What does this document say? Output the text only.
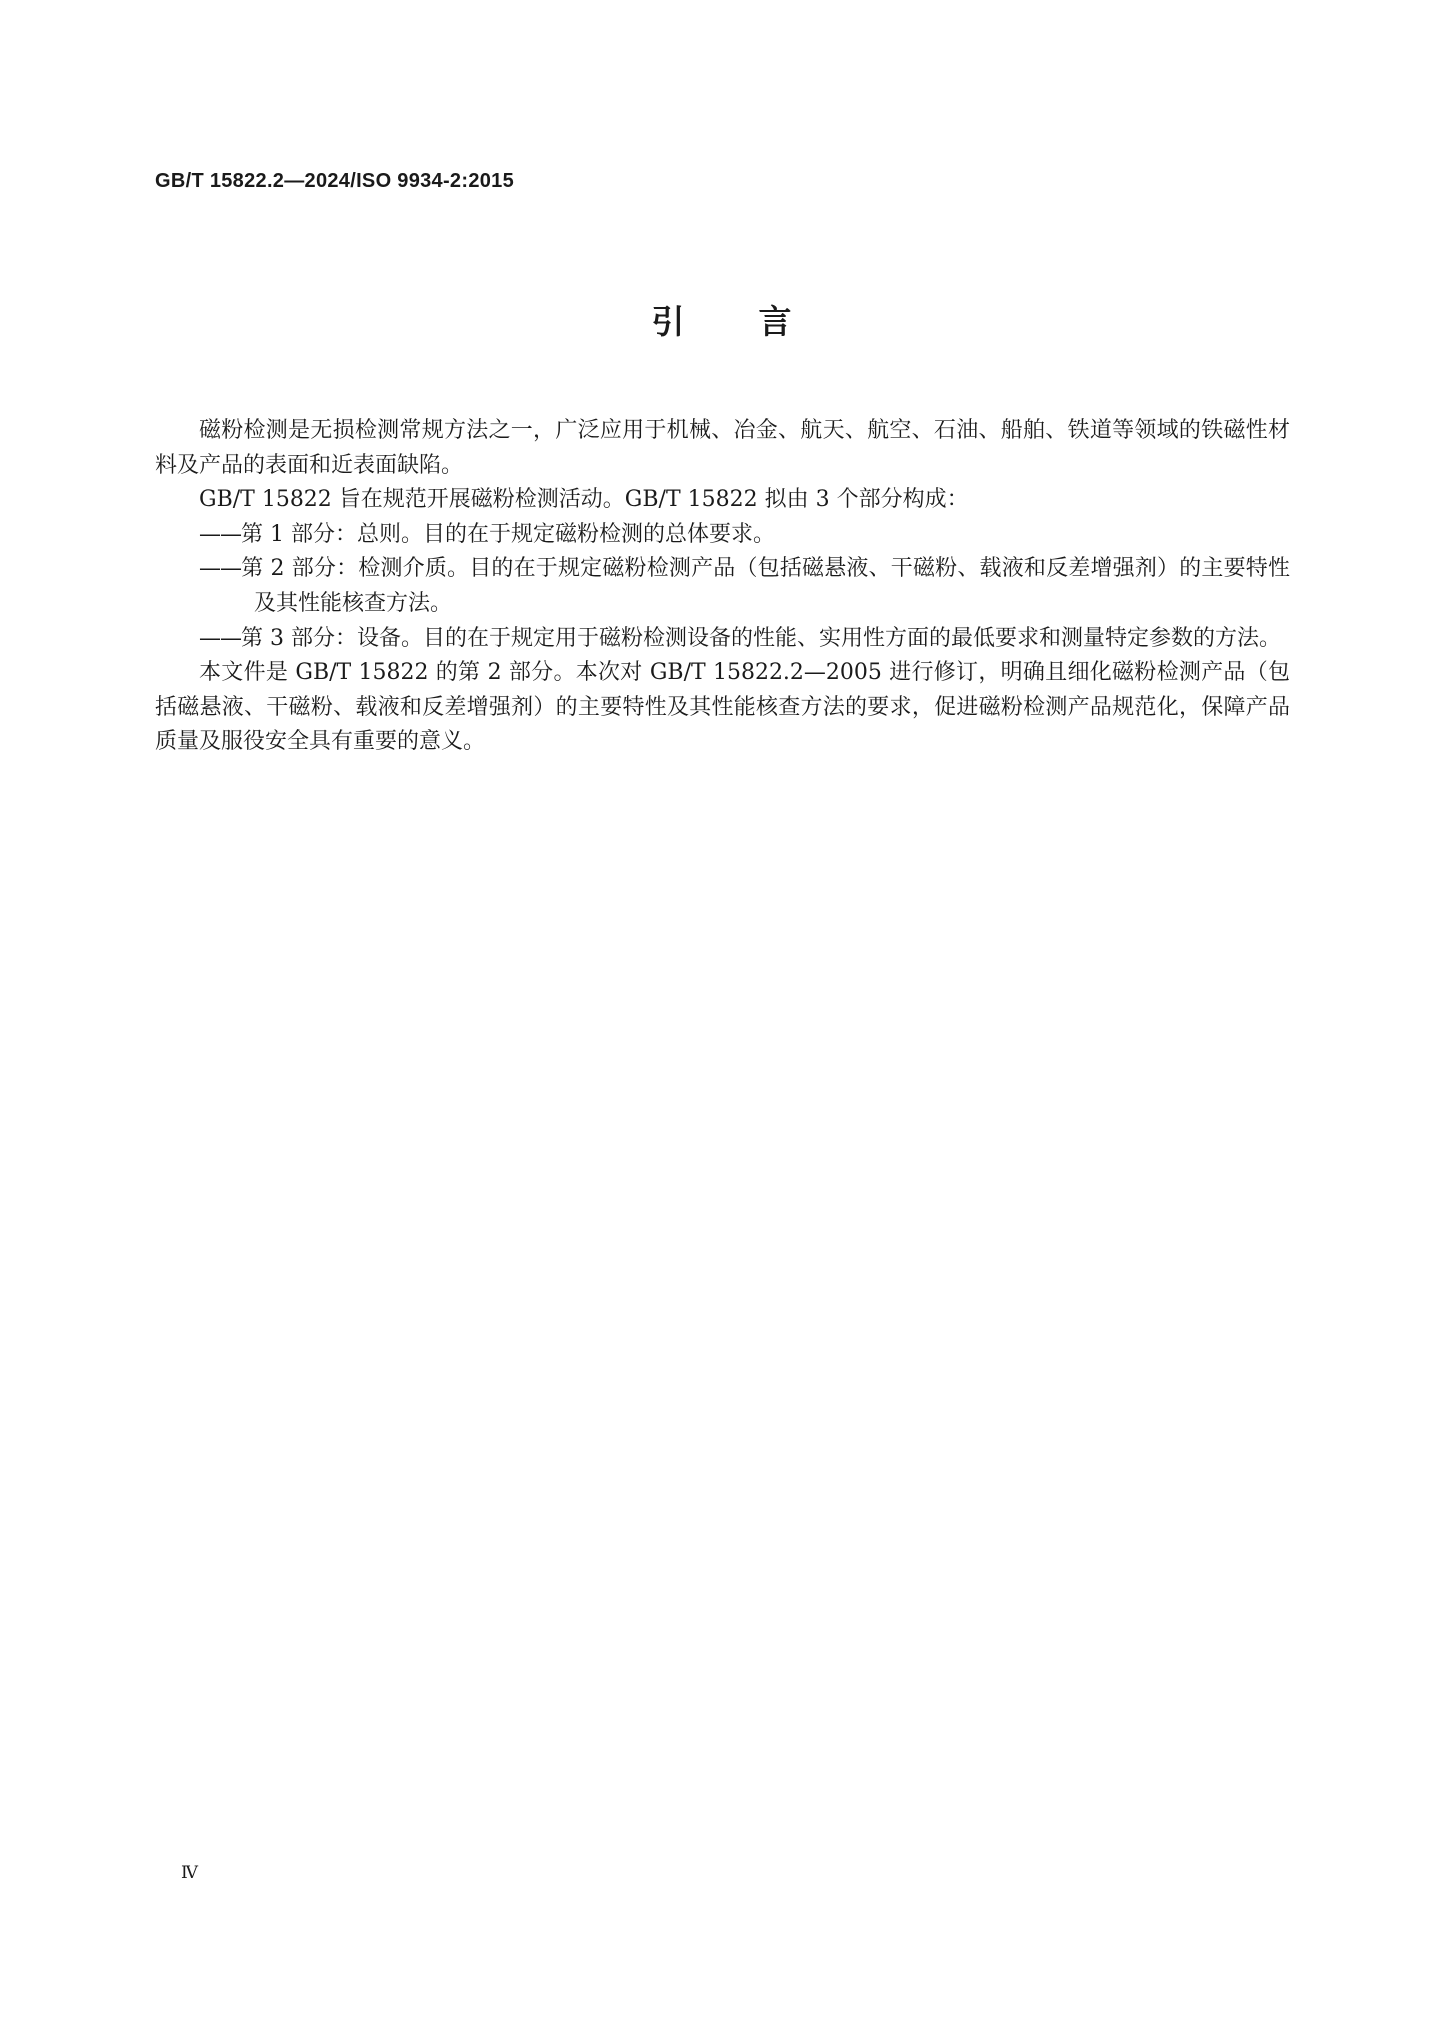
GB/T 15822.2—2024/ISO 9934-2:2015
引 言

磁粉检测是无损检测常规方法之一，广泛应用于机械、冶金、航天、航空、石油、船舶、铁道等领域的铁磁性材料及产品的表面和近表面缺陷。

GB/T 15822 旨在规范开展磁粉检测活动。GB/T 15822 拟由 3 个部分构成：

——第 1 部分：总则。目的在于规定磁粉检测的总体要求。

——第 2 部分：检测介质。目的在于规定磁粉检测产品（包括磁悬液、干磁粉、载液和反差增强剂）的主要特性及其性能核查方法。

——第 3 部分：设备。目的在于规定用于磁粉检测设备的性能、实用性方面的最低要求和测量特定参数的方法。

本文件是 GB/T 15822 的第 2 部分。本次对 GB/T 15822.2—2005 进行修订，明确且细化磁粉检测产品（包括磁悬液、干磁粉、载液和反差增强剂）的主要特性及其性能核查方法的要求，促进磁粉检测产品规范化，保障产品质量及服役安全具有重要的意义。

Ⅳ
